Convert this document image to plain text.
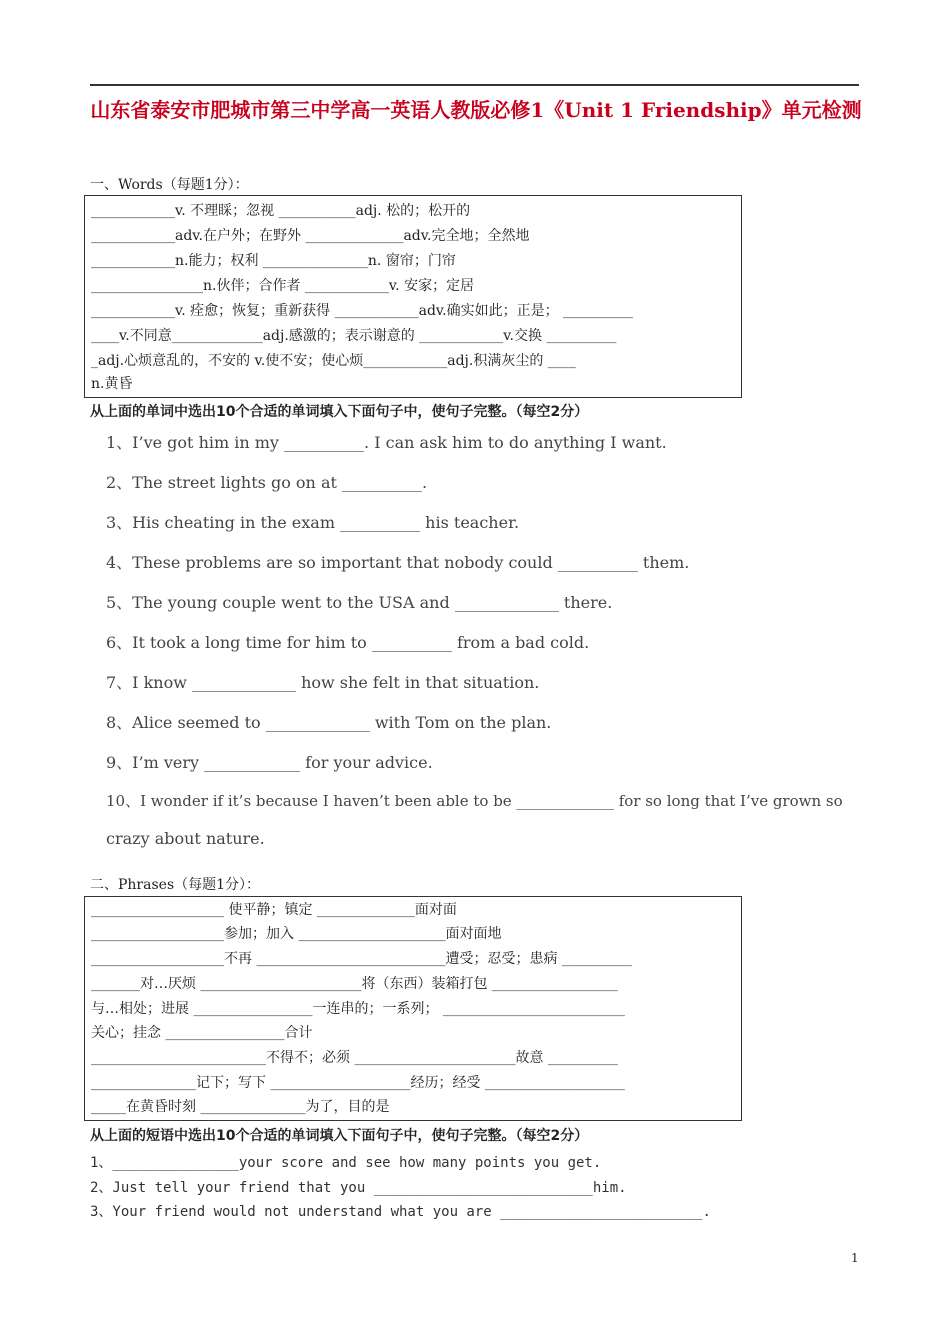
山东省泰安市肥城市第三中学高一英语人教版必修1《Unit 1 Friendship》单元检测
一、Words（每题1分）：
____________v. 不理睬；忽视 ___________adj. 松的；松开的
____________adv.在户外；在野外 ______________adv.完全地；全然地
____________n.能力；权利 _______________n. 窗帘；门帘
________________n.伙伴；合作者 ____________v. 安家；定居
____________v. 痊愈；恢复；重新获得 ____________adv.确实如此；正是； __________
____v.不同意_____________adj.感激的；表示谢意的 ____________v.交换 __________
_adj.心烦意乱的，不安的 v.使不安；使心烦____________adj.积满灰尘的 ____
n.黄昏
从上面的单词中选出10个合适的单词填入下面句子中，使句子完整。（每空2分）
1、I’ve got him in my __________. I can ask him to do anything I want.
2、The street lights go on at __________.
3、His cheating in the exam __________ his teacher.
4、These problems are so important that nobody could __________ them.
5、The young couple went to the USA and _____________ there.
6、It took a long time for him to __________ from a bad cold.
7、I know _____________ how she felt in that situation.
8、Alice seemed to _____________ with Tom on the plan.
9、I’m very ____________ for your advice.
10、I wonder if it’s because I haven’t been able to be _____________ for so long that I’ve grown so
crazy about nature.
二、Phrases（每题1分）：
___________________ 使平静；镇定 ______________面对面
___________________参加；加入 _____________________面对面地
___________________不再 ___________________________遭受；忍受；患病 __________
_______对…厌烦 _______________________将（东西）装箱打包 __________________
与…相处；进展 _________________一连串的；一系列； __________________________
关心；挂念 _________________合计
_________________________不得不；必须 _______________________故意 __________
_______________记下；写下 ____________________经历；经受 ____________________
_____在黄昏时刻 _______________为了，目的是
从上面的短语中选出10个合适的单词填入下面句子中，使句子完整。（每空2分）
1、_______________your score and see how many points you get.
2、Just tell your friend that you __________________________him.
3、Your friend would not understand what you are ________________________.
1
